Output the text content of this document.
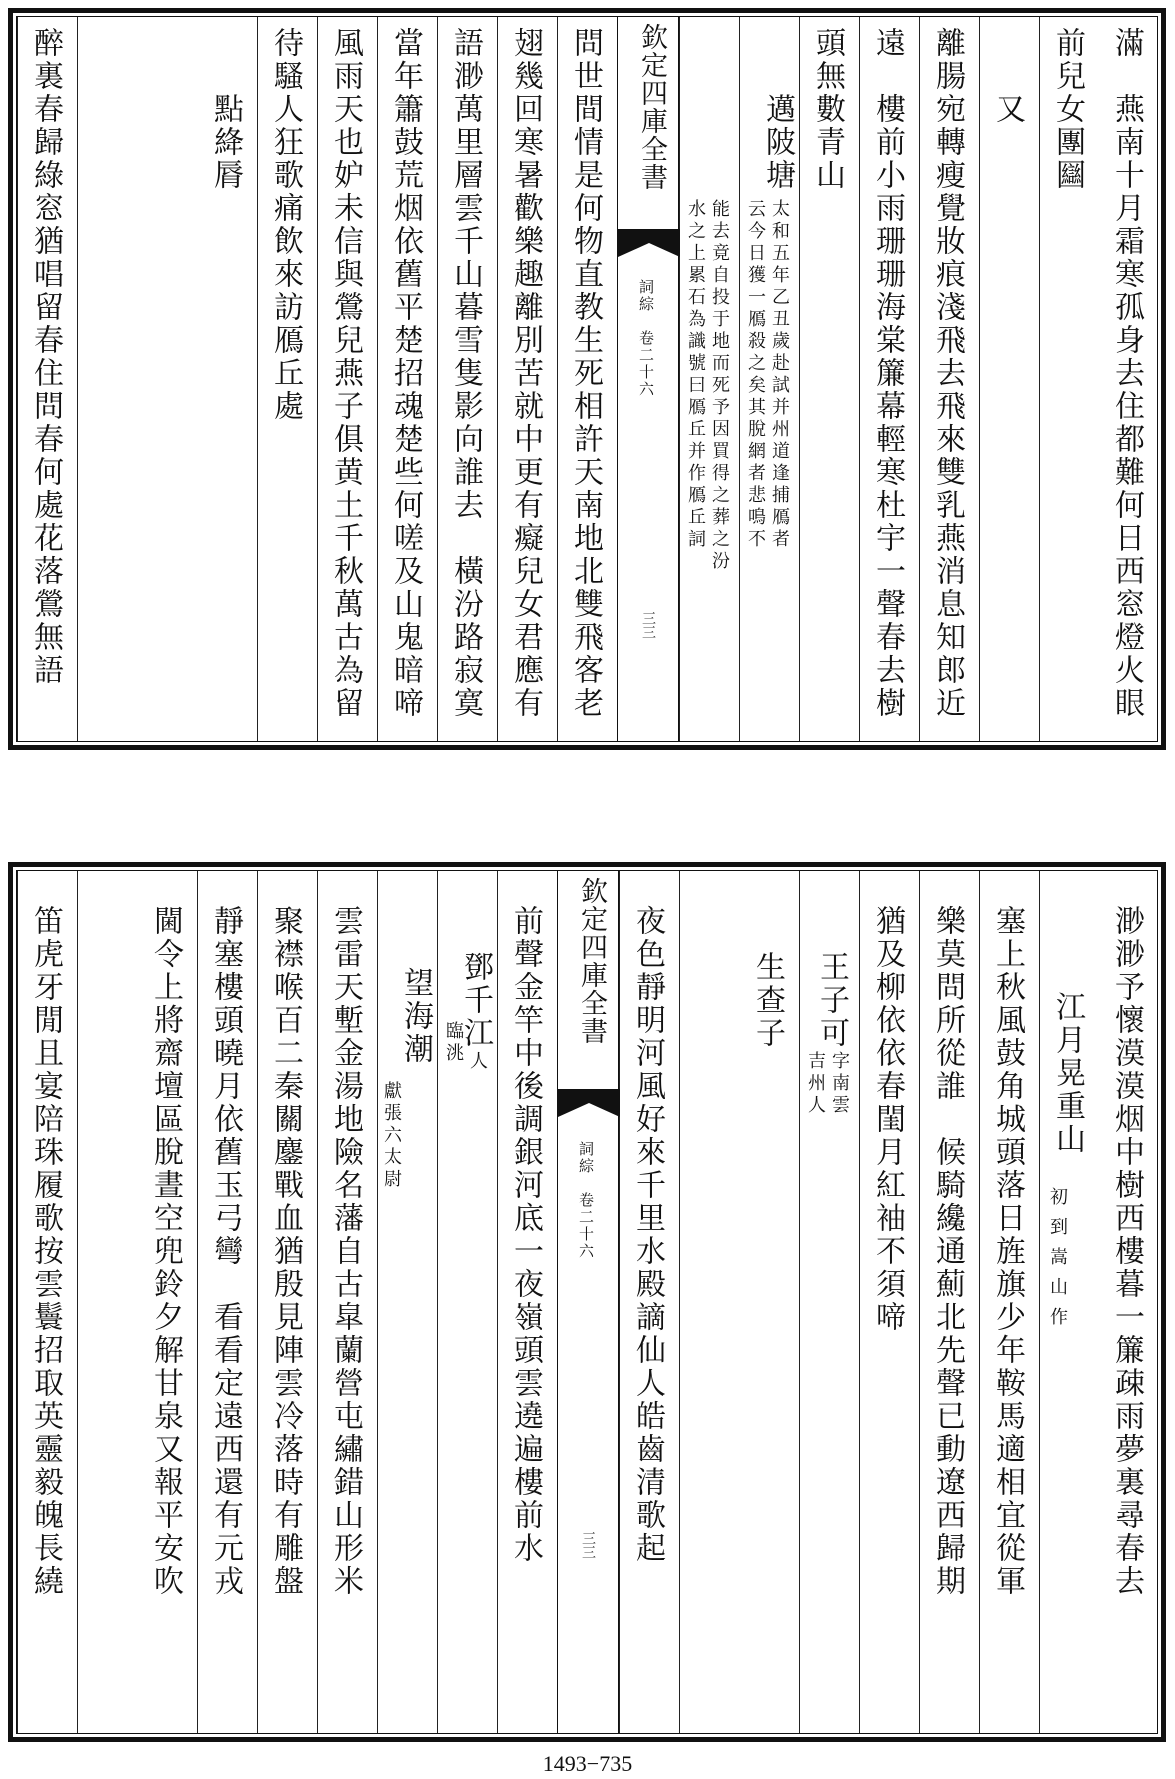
滿　燕南十月霜寒孤身去住都難何日西窓燈火眼
前兒女團圝
又
離腸宛轉瘦覺妝痕淺飛去飛來雙乳燕消息知郎近
遠　樓前小雨珊珊海棠簾幕輕寒杜宇一聲春去樹
頭無數青山
邁陂塘
太和五年乙丑歲赴試并州道逢捕鴈者
云今日獲一鴈殺之矣其脫網者悲鳴不
能去竟自投于地而死予因買得之葬之汾
水之上累石為識號曰鴈丘并作鴈丘詞
欽定四庫全書
詞綜　卷二十六
三三
問世間情是何物直教生死相許天南地北雙飛客老
翅幾回寒暑歡樂趣離別苦就中更有癡兒女君應有
語渺萬里層雲千山暮雪隻影向誰去　橫汾路寂寞
當年簫鼓荒烟依舊平楚招魂楚些何嗟及山鬼暗啼
風雨天也妒未信與鶯兒燕子俱黄土千秋萬古為留
待騷人狂歌痛飲來訪鴈丘處
點絳脣
醉裏春歸綠窓猶唱留春住問春何處花落鶯無語
渺渺予懷漠漠烟中樹西樓暮一簾疎雨夢裏尋春去
江月晃重山
初到嵩山作
塞上秋風鼓角城頭落日旌旗少年鞍馬適相宜從軍
樂莫問所從誰　候騎纔通薊北先聲已動遼西歸期
猶及柳依依春閨月紅袖不須啼
王子可
字南雲
吉州人
生查子
夜色靜明河風好來千里水殿謫仙人皓齒清歌起
欽定四庫全書
詞綜　卷二十六
三三
前聲金竿中後調銀河底一夜嶺頭雲遶遍樓前水
鄧千江
臨洮 人
望海潮
獻張六太尉
雲雷天塹金湯地險名藩自古皐蘭營屯繡錯山形米
聚襟喉百二秦關鏖戰血猶殷見陣雲冷落時有雕盤
靜塞樓頭曉月依舊玉弓彎　看看定遠西還有元戎
閫令上將齋壇區脫晝空兜鈴夕解甘泉又報平安吹
笛虎牙閒且宴陪珠履歌按雲鬟招取英靈毅魄長繞
1493−735
